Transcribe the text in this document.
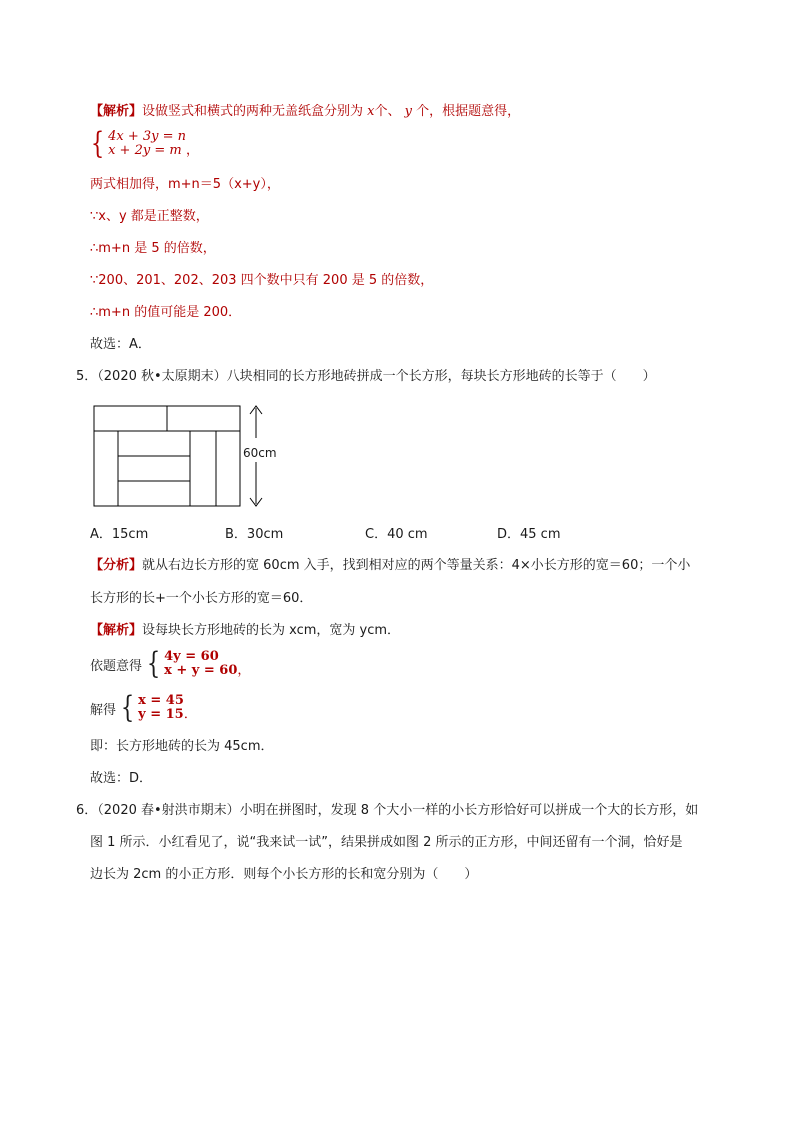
【解析】设做竖式和横式的两种无盖纸盒分别为 x个、 y 个，根据题意得，
{ 4x + 3y = n
x + 2y = m ，
两式相加得，m+n＝5（x+y），
∵x、y 都是正整数，
∴m+n 是 5 的倍数，
∵200、201、202、203 四个数中只有 200 是 5 的倍数，
∴m+n 的值可能是 200．
故选：A．
5．（2020 秋•太原期末）八块相同的长方形地砖拼成一个长方形，每块长方形地砖的长等于（　　）
60cm
A．15cm	B．30cm	C．40 cm	D．45 cm
【分析】就从右边长方形的宽 60cm 入手，找到相对应的两个等量关系：4×小长方形的宽＝60；一个小
长方形的长+一个小长方形的宽＝60．
【解析】设每块长方形地砖的长为 xcm，宽为 ycm．
依题意得 { 4y = 60
x + y = 60 ，
解得 { x = 45
y = 15 ．
即：长方形地砖的长为 45cm．
故选：D．
6．（2020 春•射洪市期末）小明在拼图时，发现 8 个大小一样的小长方形恰好可以拼成一个大的长方形，如
图 1 所示．小红看见了，说“我来试一试”，结果拼成如图 2 所示的正方形，中间还留有一个洞，恰好是
边长为 2cm 的小正方形．则每个小长方形的长和宽分别为（　　）
